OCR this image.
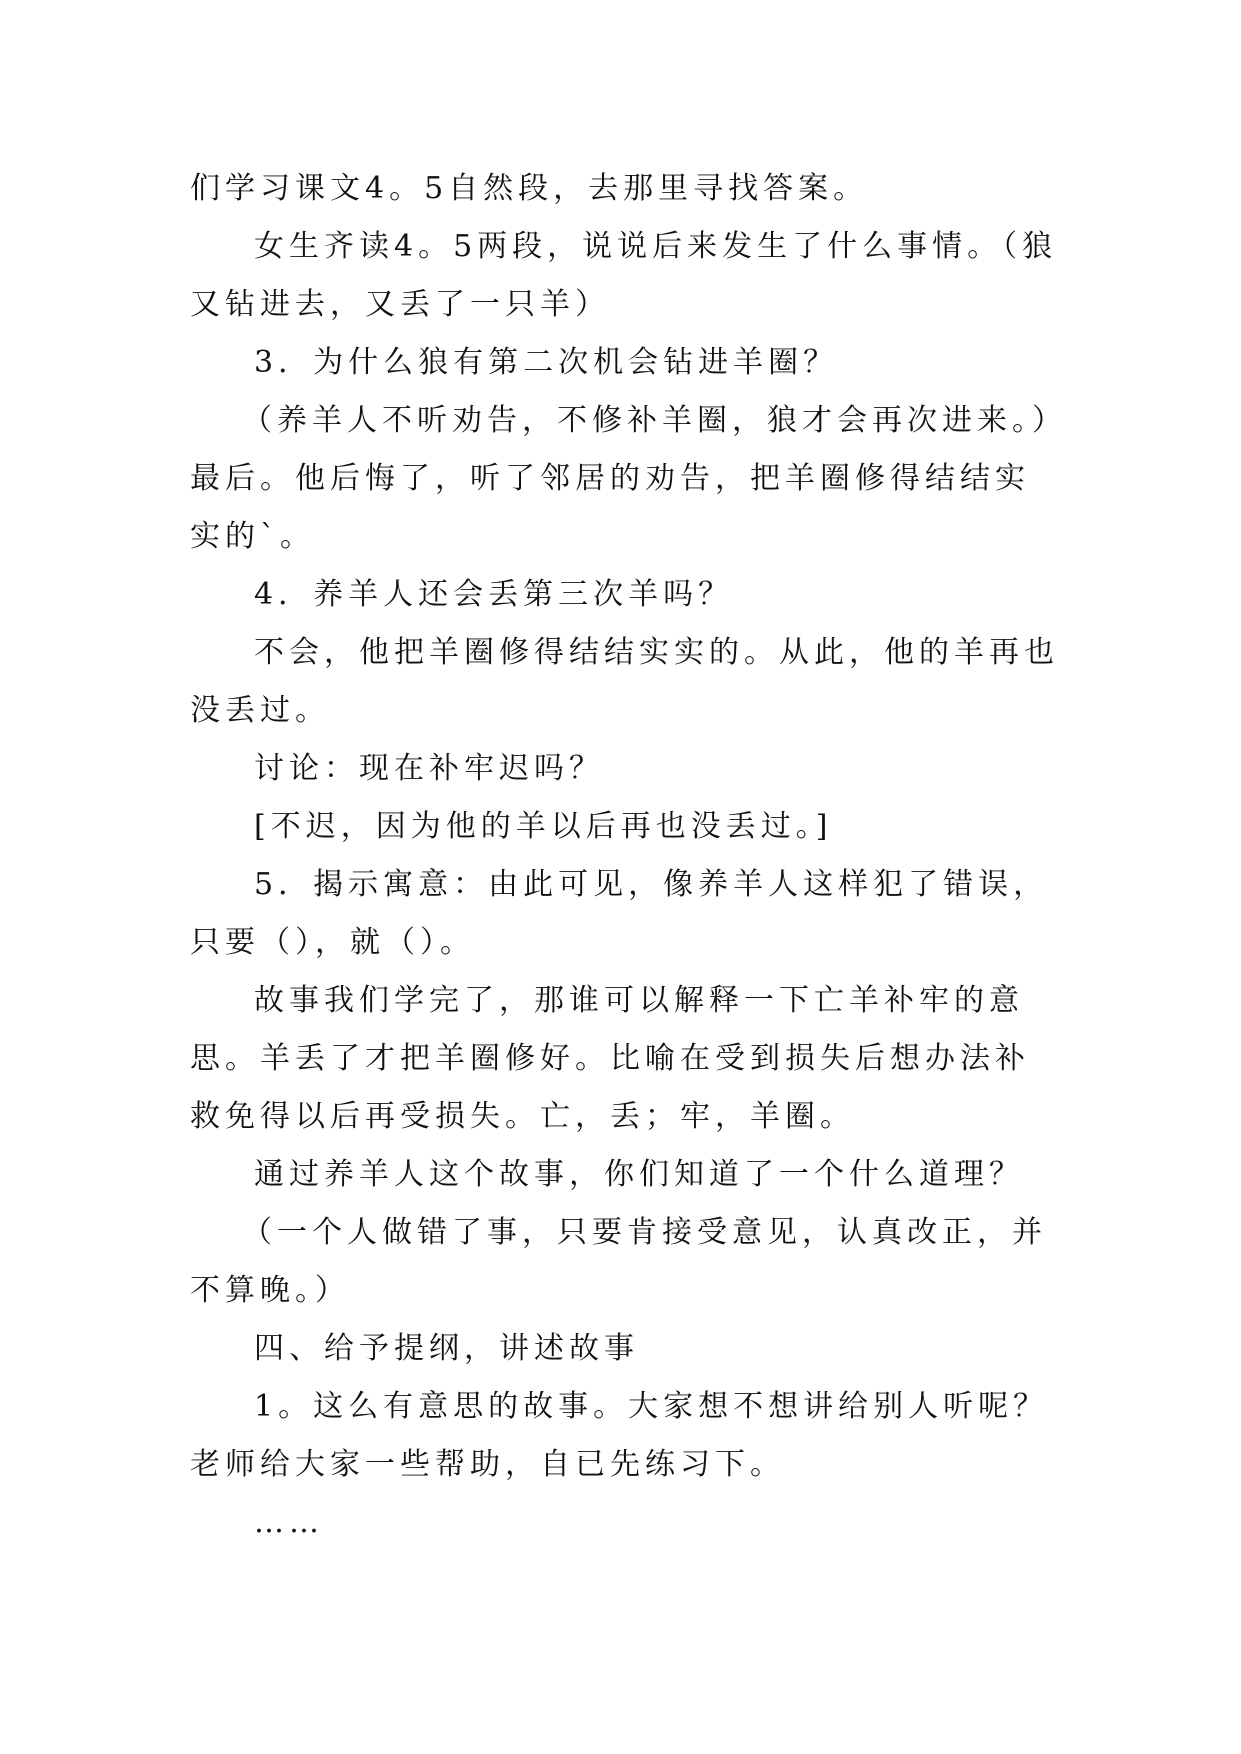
们学习课文4。5自然段，去那里寻找答案。

女生齐读4。5两段，说说后来发生了什么事情。（狼又钻进去，又丢了一只羊）

3．为什么狼有第二次机会钻进羊圈？

（养羊人不听劝告，不修补羊圈，狼才会再次进来。）

最后。他后悔了，听了邻居的劝告，把羊圈修得结结实实的`。

4．养羊人还会丢第三次羊吗？

不会，他把羊圈修得结结实实的。从此，他的羊再也没丢过。

讨论：现在补牢迟吗？

[不迟，因为他的羊以后再也没丢过。]

5．揭示寓意：由此可见，像养羊人这样犯了错误，只要（），就（）。

故事我们学完了，那谁可以解释一下亡羊补牢的意思。羊丢了才把羊圈修好。比喻在受到损失后想办法补救免得以后再受损失。亡，丢；牢，羊圈。

通过养羊人这个故事，你们知道了一个什么道理？

（一个人做错了事，只要肯接受意见，认真改正，并不算晚。）

四、给予提纲，讲述故事

1。这么有意思的故事。大家想不想讲给别人听呢？老师给大家一些帮助，自已先练习下。

……
